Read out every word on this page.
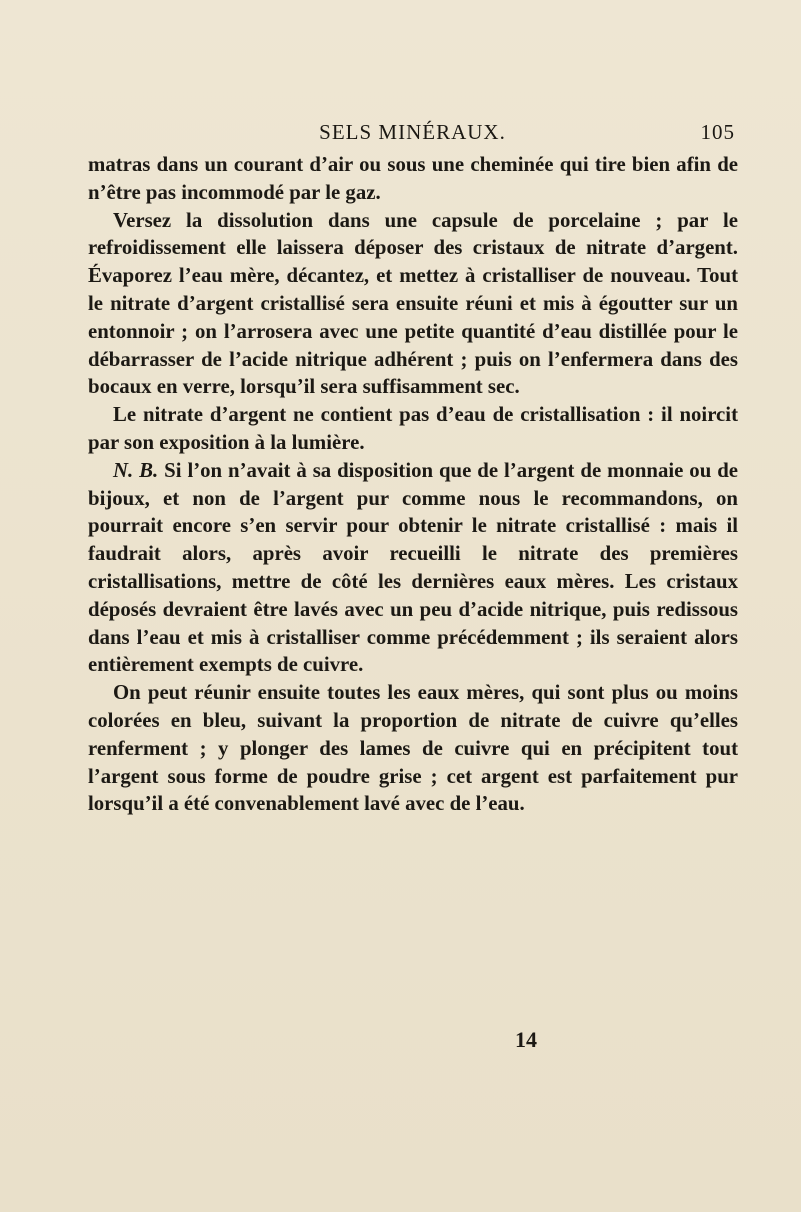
SELS MINÉRAUX.	105

matras dans un courant d’air ou sous une cheminée qui tire bien afin de n’être pas incommodé par le gaz.

Versez la dissolution dans une capsule de porcelaine ; par le refroidissement elle laissera déposer des cristaux de nitrate d’argent. Évaporez l’eau mère, décantez, et mettez à cristalliser de nouveau. Tout le nitrate d’argent cristallisé sera ensuite réuni et mis à égoutter sur un entonnoir ; on l’arrosera avec une petite quantité d’eau distillée pour le débarrasser de l’acide nitrique adhérent ; puis on l’enfermera dans des bocaux en verre, lorsqu’il sera suffisamment sec.

Le nitrate d’argent ne contient pas d’eau de cristallisation : il noircit par son exposition à la lumière.

N. B. Si l’on n’avait à sa disposition que de l’argent de monnaie ou de bijoux, et non de l’argent pur comme nous le recommandons, on pourrait encore s’en servir pour obtenir le nitrate cristallisé : mais il faudrait alors, après avoir recueilli le nitrate des premières cristallisations, mettre de côté les dernières eaux mères. Les cristaux déposés devraient être lavés avec un peu d’acide nitrique, puis redissous dans l’eau et mis à cristalliser comme précédemment ; ils seraient alors entièrement exempts de cuivre.

On peut réunir ensuite toutes les eaux mères, qui sont plus ou moins colorées en bleu, suivant la proportion de nitrate de cuivre qu’elles renferment ; y plonger des lames de cuivre qui en précipitent tout l’argent sous forme de poudre grise ; cet argent est parfaitement pur lorsqu’il a été convenablement lavé avec de l’eau.

14
